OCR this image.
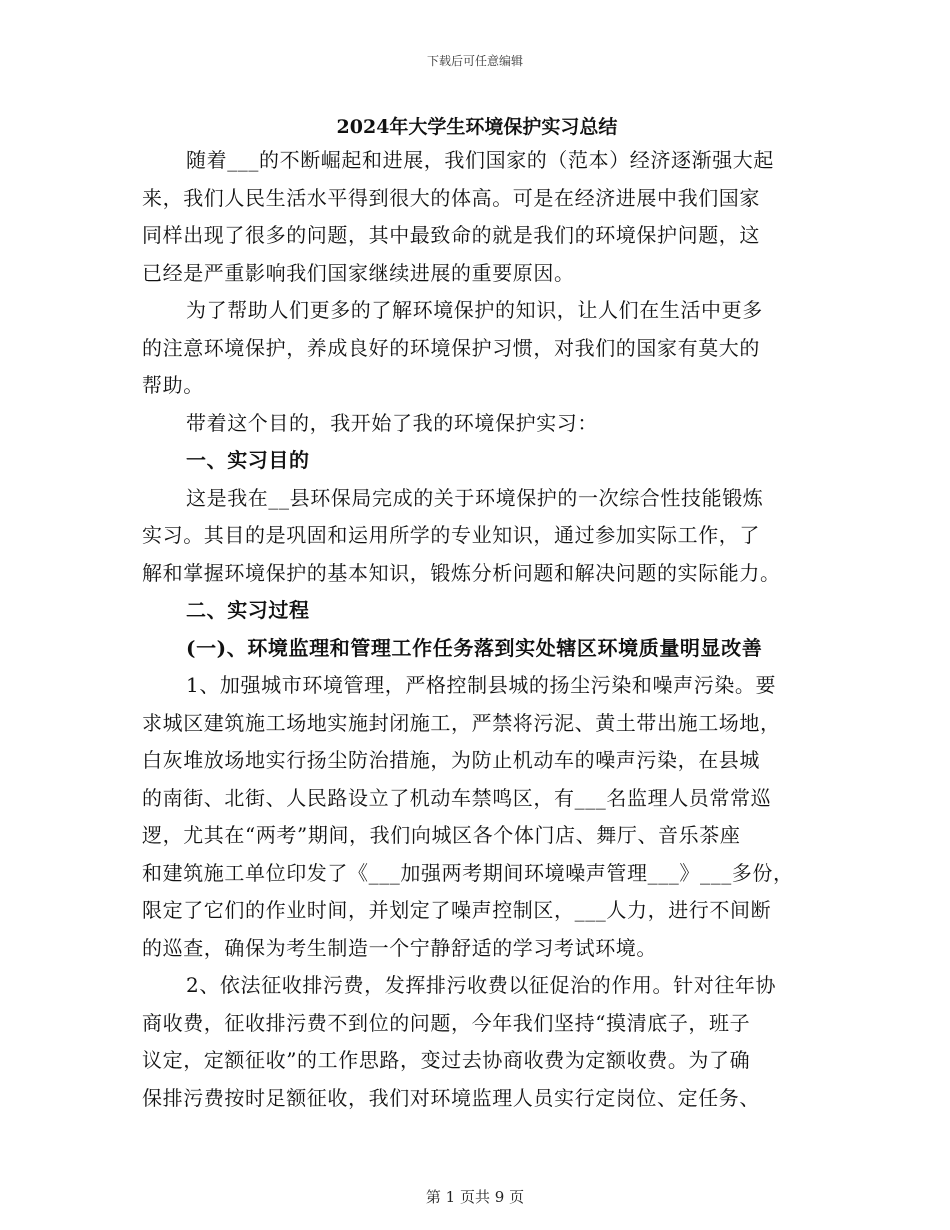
下载后可任意编辑
2024年大学生环境保护实习总结
随着___的不断崛起和进展，我们国家的（范本）经济逐渐强大起
来，我们人民生活水平得到很大的体高。可是在经济进展中我们国家
同样出现了很多的问题，其中最致命的就是我们的环境保护问题，这
已经是严重影响我们国家继续进展的重要原因。
为了帮助人们更多的了解环境保护的知识，让人们在生活中更多
的注意环境保护，养成良好的环境保护习惯，对我们的国家有莫大的
帮助。
带着这个目的，我开始了我的环境保护实习：
一、实习目的
这是我在__县环保局完成的关于环境保护的一次综合性技能锻炼
实习。其目的是巩固和运用所学的专业知识，通过参加实际工作，了
解和掌握环境保护的基本知识，锻炼分析问题和解决问题的实际能力。
二、实习过程
(一)、环境监理和管理工作任务落到实处辖区环境质量明显改善
1、加强城市环境管理，严格控制县城的扬尘污染和噪声污染。要
求城区建筑施工场地实施封闭施工，严禁将污泥、黄土带出施工场地，
白灰堆放场地实行扬尘防治措施，为防止机动车的噪声污染，在县城
的南街、北街、人民路设立了机动车禁鸣区，有___名监理人员常常巡
逻，尤其在“两考”期间，我们向城区各个体门店、舞厅、音乐茶座
和建筑施工单位印发了《___加强两考期间环境噪声管理___》___多份，
限定了它们的作业时间，并划定了噪声控制区，___人力，进行不间断
的巡查，确保为考生制造一个宁静舒适的学习考试环境。
2、依法征收排污费，发挥排污收费以征促治的作用。针对往年协
商收费，征收排污费不到位的问题，今年我们坚持“摸清底子，班子
议定，定额征收”的工作思路，变过去协商收费为定额收费。为了确
保排污费按时足额征收，我们对环境监理人员实行定岗位、定任务、
第 1 页共 9 页
